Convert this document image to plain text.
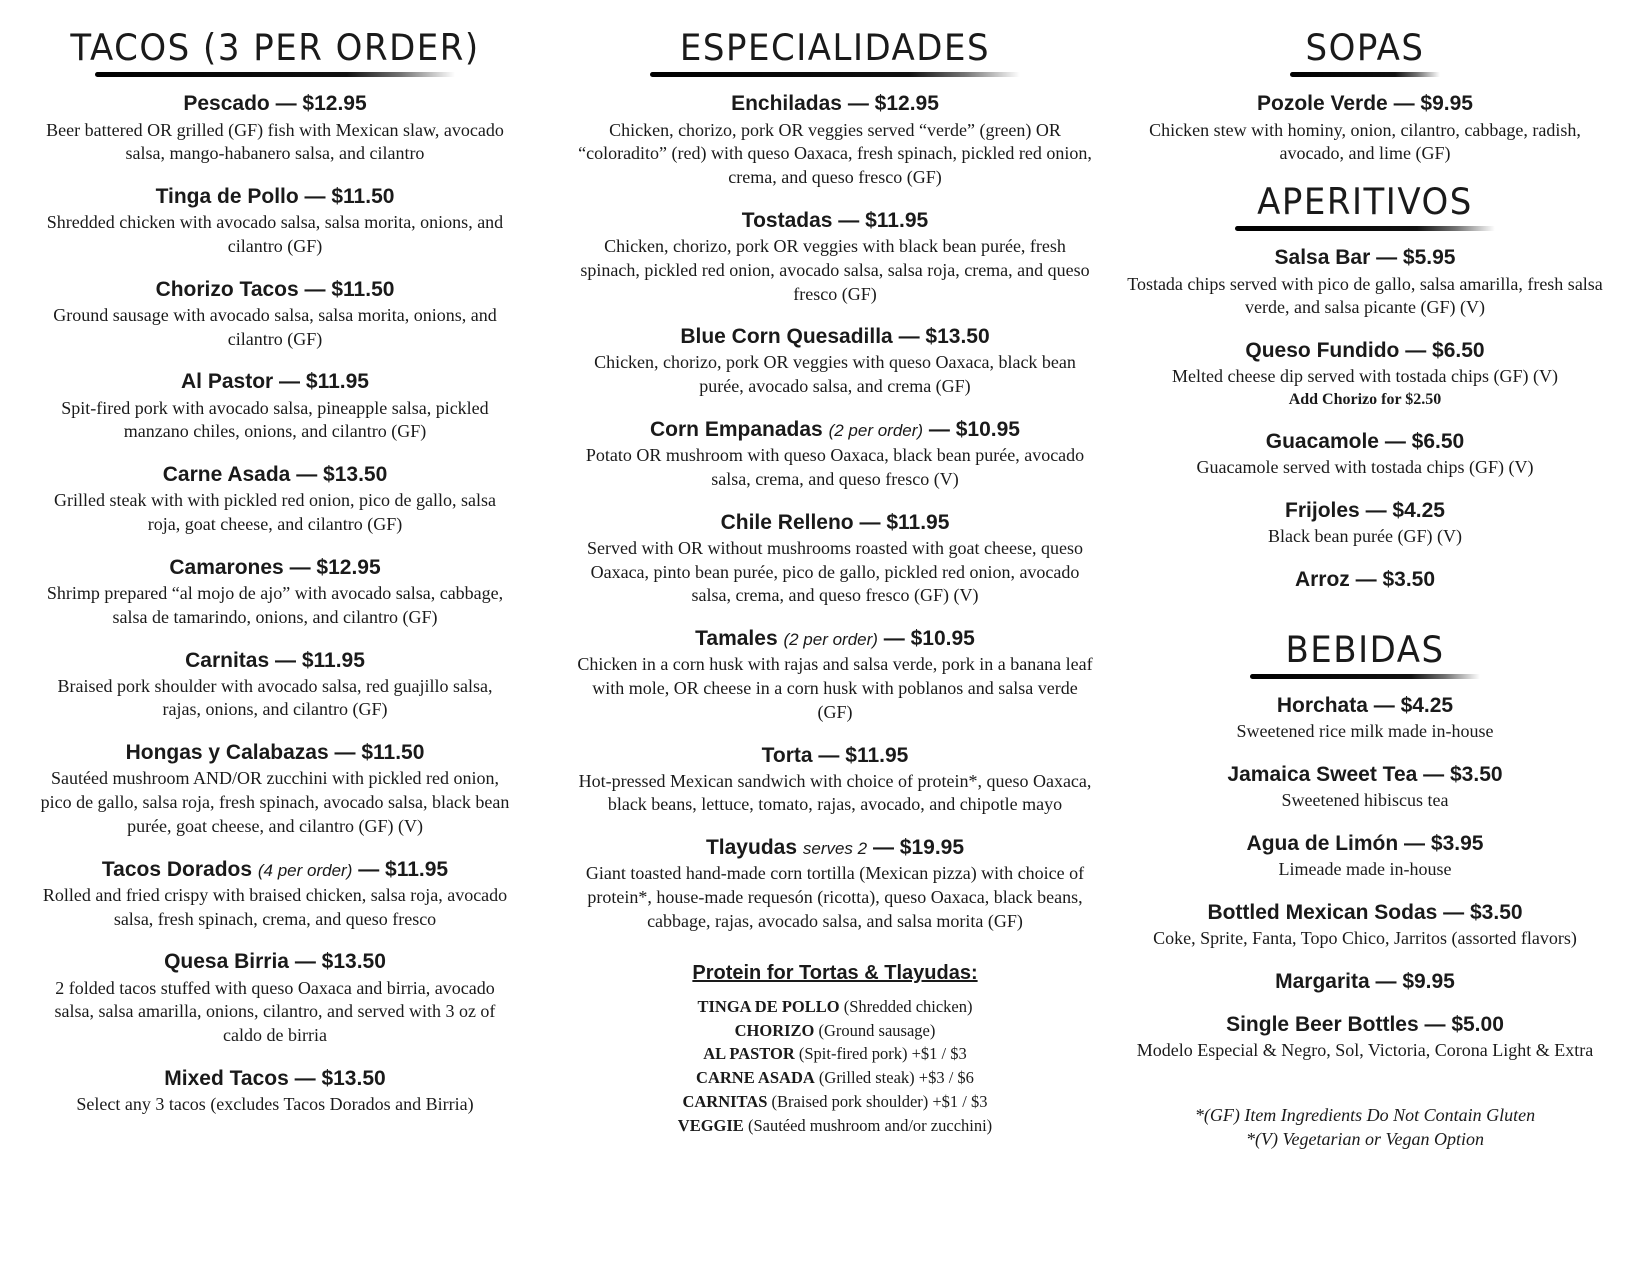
TACOS (3 PER ORDER)
Pescado — $12.95
Beer battered OR grilled (GF) fish with Mexican slaw, avocado salsa, mango-habanero salsa, and cilantro
Tinga de Pollo — $11.50
Shredded chicken with avocado salsa, salsa morita, onions, and cilantro (GF)
Chorizo Tacos — $11.50
Ground sausage with avocado salsa, salsa morita, onions, and cilantro (GF)
Al Pastor — $11.95
Spit-fired pork with avocado salsa, pineapple salsa, pickled manzano chiles, onions, and cilantro (GF)
Carne Asada — $13.50
Grilled steak with with pickled red onion, pico de gallo, salsa roja, goat cheese, and cilantro (GF)
Camarones — $12.95
Shrimp prepared “al mojo de ajo” with avocado salsa, cabbage, salsa de tamarindo, onions, and cilantro (GF)
Carnitas — $11.95
Braised pork shoulder with avocado salsa, red guajillo salsa, rajas, onions, and cilantro (GF)
Hongas y Calabazas — $11.50
Sautéed mushroom AND/OR zucchini with pickled red onion, pico de gallo, salsa roja, fresh spinach, avocado salsa, black bean purée, goat cheese, and cilantro (GF) (V)
Tacos Dorados (4 per order) — $11.95
Rolled and fried crispy with braised chicken, salsa roja, avocado salsa, fresh spinach, crema, and queso fresco
Quesa Birria — $13.50
2 folded tacos stuffed with queso Oaxaca and birria, avocado salsa, salsa amarilla, onions, cilantro, and served with 3 oz of caldo de birria
Mixed Tacos — $13.50
Select any 3 tacos (excludes Tacos Dorados and Birria)
ESPECIALIDADES
Enchiladas — $12.95
Chicken, chorizo, pork OR veggies served “verde” (green) OR “coloradito” (red) with queso Oaxaca, fresh spinach, pickled red onion, crema, and queso fresco (GF)
Tostadas — $11.95
Chicken, chorizo, pork OR veggies with black bean purée, fresh spinach, pickled red onion, avocado salsa, salsa roja, crema, and queso fresco (GF)
Blue Corn Quesadilla — $13.50
Chicken, chorizo, pork OR veggies with queso Oaxaca, black bean purée, avocado salsa, and crema (GF)
Corn Empanadas (2 per order) — $10.95
Potato OR mushroom with queso Oaxaca, black bean purée, avocado salsa, crema, and queso fresco (V)
Chile Relleno — $11.95
Served with OR without mushrooms roasted with goat cheese, queso Oaxaca, pinto bean purée, pico de gallo, pickled red onion, avocado salsa, crema, and queso fresco (GF) (V)
Tamales (2 per order) — $10.95
Chicken in a corn husk with rajas and salsa verde, pork in a banana leaf with mole, OR cheese in a corn husk with poblanos and salsa verde (GF)
Torta — $11.95
Hot-pressed Mexican sandwich with choice of protein*, queso Oaxaca, black beans, lettuce, tomato, rajas, avocado, and chipotle mayo
Tlayudas serves 2 — $19.95
Giant toasted hand-made corn tortilla (Mexican pizza) with choice of protein*, house-made requesón (ricotta), queso Oaxaca, black beans, cabbage, rajas, avocado salsa, and salsa morita (GF)
Protein for Tortas & Tlayudas:
TINGA DE POLLO (Shredded chicken)
CHORIZO (Ground sausage)
AL PASTOR (Spit-fired pork) +$1 / $3
CARNE ASADA (Grilled steak) +$3 / $6
CARNITAS (Braised pork shoulder) +$1 / $3
VEGGIE (Sautéed mushroom and/or zucchini)
SOPAS
Pozole Verde — $9.95
Chicken stew with hominy, onion, cilantro, cabbage, radish, avocado, and lime (GF)
APERITIVOS
Salsa Bar — $5.95
Tostada chips served with pico de gallo, salsa amarilla, fresh salsa verde, and salsa picante (GF) (V)
Queso Fundido — $6.50
Melted cheese dip served with tostada chips (GF) (V)
Add Chorizo for $2.50
Guacamole — $6.50
Guacamole served with tostada chips (GF) (V)
Frijoles — $4.25
Black bean purée (GF) (V)
Arroz — $3.50
BEBIDAS
Horchata — $4.25
Sweetened rice milk made in-house
Jamaica Sweet Tea — $3.50
Sweetened hibiscus tea
Agua de Limón — $3.95
Limeade made in-house
Bottled Mexican Sodas — $3.50
Coke, Sprite, Fanta, Topo Chico, Jarritos (assorted flavors)
Margarita — $9.95
Single Beer Bottles — $5.00
Modelo Especial & Negro, Sol, Victoria, Corona Light & Extra
*(GF) Item Ingredients Do Not Contain Gluten
*(V) Vegetarian or Vegan Option
